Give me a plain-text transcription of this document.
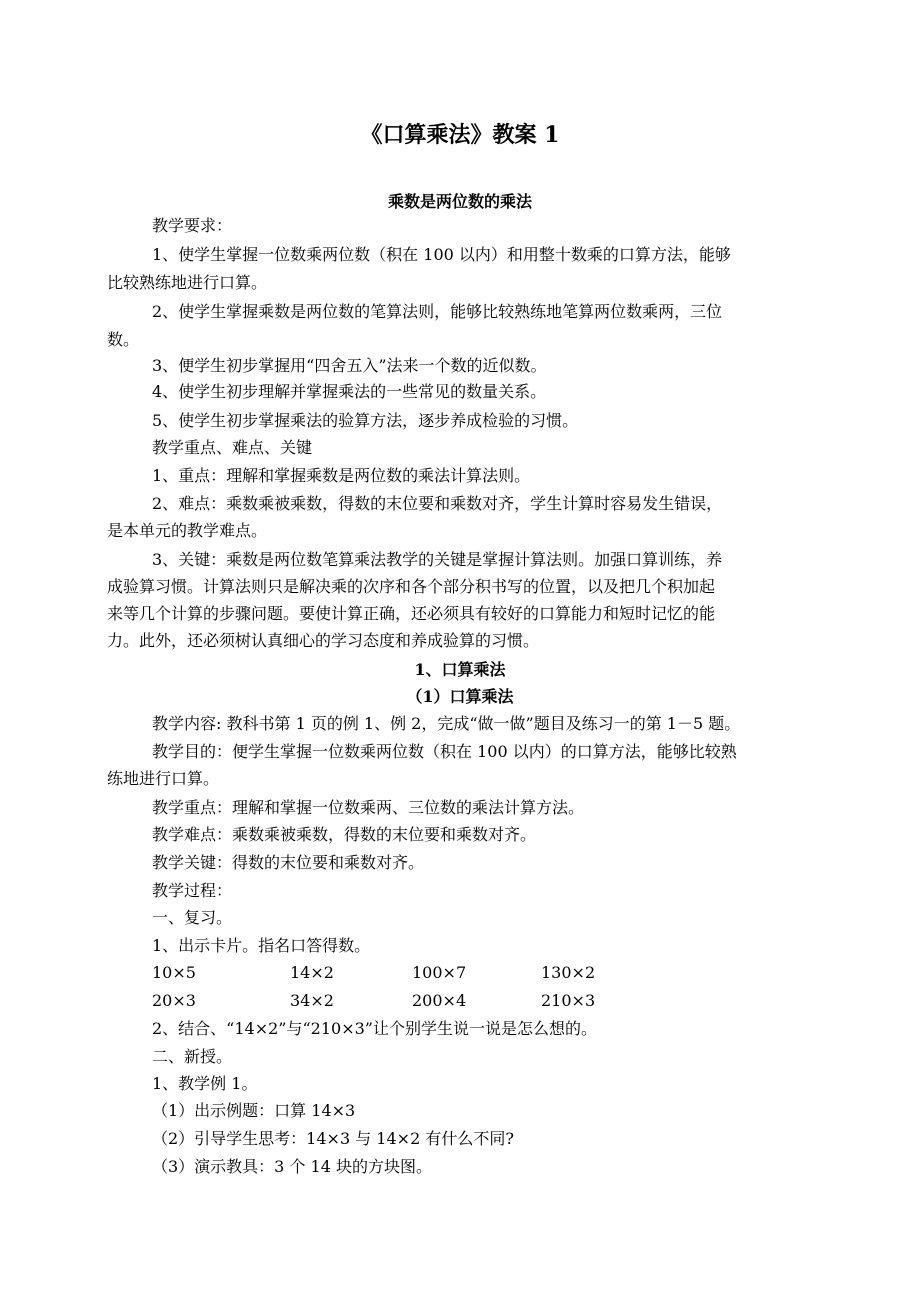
《口算乘法》教案 1
乘数是两位数的乘法
教学要求：
1、使学生掌握一位数乘两位数（积在 100 以内）和用整十数乘的口算方法，能够
比较熟练地进行口算。
2、使学生掌握乘数是两位数的笔算法则，能够比较熟练地笔算两位数乘两，三位
数。
3、便学生初步掌握用“四舍五入”法来一个数的近似数。
4、使学生初步理解并掌握乘法的一些常见的数量关系。
5、使学生初步掌握乘法的验算方法，逐步养成检验的习惯。
教学重点、难点、关键
1、重点：理解和掌握乘数是两位数的乘法计算法则。
2、难点：乘数乘被乘数，得数的末位要和乘数对齐，学生计算时容易发生错误，
是本单元的教学难点。
3、关键：乘数是两位数笔算乘法教学的关键是掌握计算法则。加强口算训练，养
成验算习惯。计算法则只是解决乘的次序和各个部分积书写的位置，以及把几个积加起
来等几个计算的步骤问题。要使计算正确，还必须具有较好的口算能力和短时记忆的能
力。此外，还必须树认真细心的学习态度和养成验算的习惯。
1、口算乘法
（1）口算乘法
教学内容: 教科书第 1 页的例 1、例 2，完成“做一做”题目及练习一的第 1－5 题。
教学目的：便学生掌握一位数乘两位数（积在 100 以内）的口算方法，能够比较熟
练地进行口算。
教学重点：理解和掌握一位数乘两、三位数的乘法计算方法。
教学难点：乘数乘被乘数，得数的末位要和乘数对齐。
教学关键：得数的末位要和乘数对齐。
教学过程：
一、复习。
1、出示卡片。指名口答得数。
10×5	14×2	100×7	130×2
20×3	34×2	200×4	210×3
2、结合、“14×2”与“210×3”让个别学生说一说是怎么想的。
二、新授。
1、教学例 1。
（1）出示例题：口算 14×3
（2）引导学生思考：14×3 与 14×2 有什么不同?
（3）演示教具：3 个 14 块的方块图。
